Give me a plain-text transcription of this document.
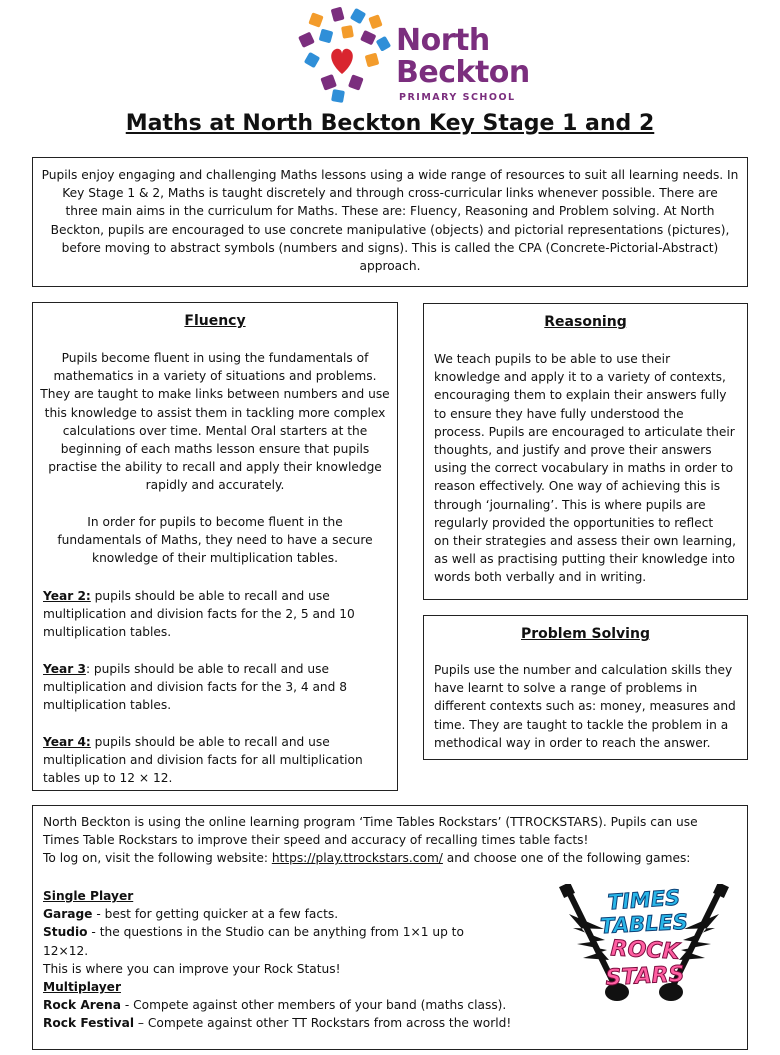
North
Beckton
PRIMARY SCHOOL
Maths at North Beckton Key Stage 1 and 2

Pupils enjoy engaging and challenging Maths lessons using a wide range of resources to suit all learning needs. In

Key Stage 1 & 2, Maths is taught discretely and through cross-curricular links whenever possible. There are

three main aims in the curriculum for Maths. These are: Fluency, Reasoning and Problem solving. At North

Beckton, pupils are encouraged to use concrete manipulative (objects) and pictorial representations (pictures),

before moving to abstract symbols (numbers and signs). This is called the CPA (Concrete-Pictorial-Abstract)

approach.

Fluency

Pupils become fluent in using the fundamentals of

mathematics in a variety of situations and problems.

They are taught to make links between numbers and use

this knowledge to assist them in tackling more complex

calculations over time. Mental Oral starters at the

beginning of each maths lesson ensure that pupils

practise the ability to recall and apply their knowledge

rapidly and accurately.

In order for pupils to become fluent in the

fundamentals of Maths, they need to have a secure

knowledge of their multiplication tables.

Year 2: pupils should be able to recall and use

multiplication and division facts for the 2, 5 and 10

multiplication tables.

Year 3: pupils should be able to recall and use

multiplication and division facts for the 3, 4 and 8

multiplication tables.

Year 4: pupils should be able to recall and use

multiplication and division facts for all multiplication

tables up to 12 × 12.

Reasoning

We teach pupils to be able to use their

knowledge and apply it to a variety of contexts,

encouraging them to explain their answers fully

to ensure they have fully understood the

process. Pupils are encouraged to articulate their

thoughts, and justify and prove their answers

using the correct vocabulary in maths in order to

reason effectively. One way of achieving this is

through ‘journaling’. This is where pupils are

regularly provided the opportunities to reflect

on their strategies and assess their own learning,

as well as practising putting their knowledge into

words both verbally and in writing.

Problem Solving

Pupils use the number and calculation skills they

have learnt to solve a range of problems in

different contexts such as: money, measures and

time. They are taught to tackle the problem in a

methodical way in order to reach the answer.

North Beckton is using the online learning program ‘Time Tables Rockstars’ (TTROCKSTARS). Pupils can use

Times Table Rockstars to improve their speed and accuracy of recalling times table facts!

To log on, visit the following website: https://play.ttrockstars.com/ and choose one of the following games:

Single Player

Garage - best for getting quicker at a few facts.

Studio - the questions in the Studio can be anything from 1×1 up to 12×12.

This is where you can improve your Rock Status!

Multiplayer

Rock Arena - Compete against other members of your band (maths class).

Rock Festival – Compete against other TT Rockstars from across the world!

TIMES
TABLES
ROCK
STARS
